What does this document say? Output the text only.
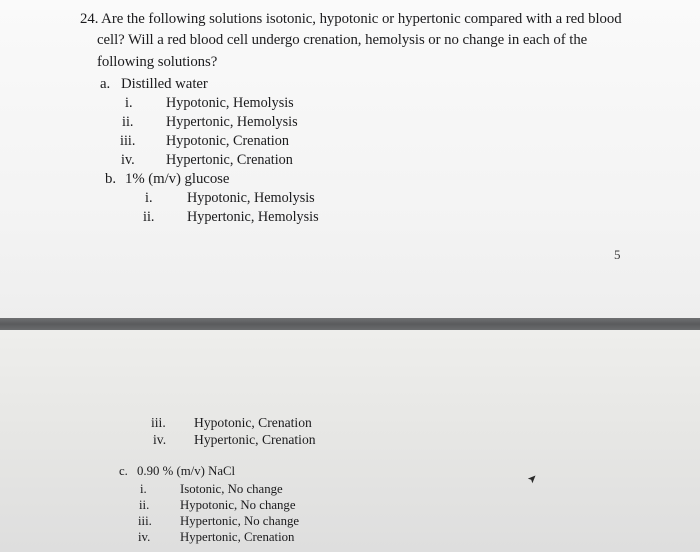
24. Are the following solutions isotonic, hypotonic or hypertonic compared with a red blood
cell? Will a red blood cell undergo crenation, hemolysis or no change in each of the
following solutions?
a. Distilled water
i. Hypotonic, Hemolysis
ii. Hypertonic, Hemolysis
iii. Hypotonic, Crenation
iv. Hypertonic, Crenation
b. 1% (m/v) glucose
i. Hypotonic, Hemolysis
ii. Hypertonic, Hemolysis
5
iii. Hypotonic, Crenation
iv. Hypertonic, Crenation
c. 0.90 % (m/v) NaCl
i.	Isotonic, No change
ii. Hypotonic, No change
iii. Hypertonic, No change
iv. Hypertonic, Crenation
